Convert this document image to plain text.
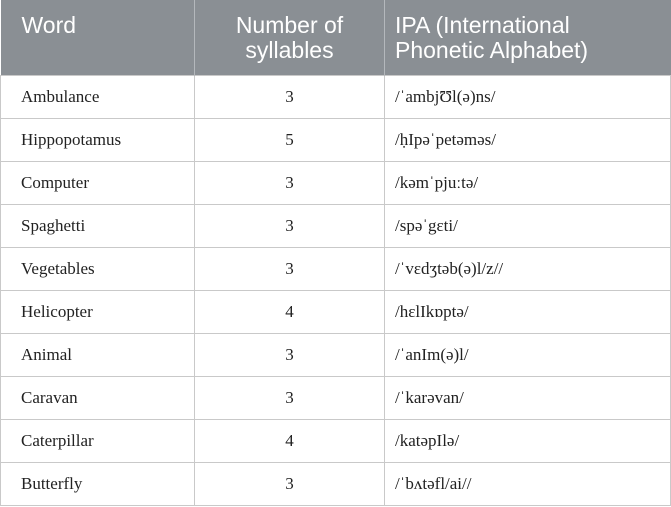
Word	Number of syllables	IPA (International Phonetic Alphabet)
Ambulance	3	/ˈambjƱl(ə)ns/
Hippopotamus	5	/ḥIpəˈpetəməs/
Computer	3	/kəmˈpjuːtə/
Spaghetti	3	/spəˈgɛti/
Vegetables	3	/ˈvɛdʒtəb(ə)l/z//
Helicopter	4	/hɛlIkɒptə/
Animal	3	/ˈanIm(ə)l/
Caravan	3	/ˈkarəvan/
Caterpillar	4	/katəpIlə/
Butterfly	3	/ˈbʌtəfl/ai//
